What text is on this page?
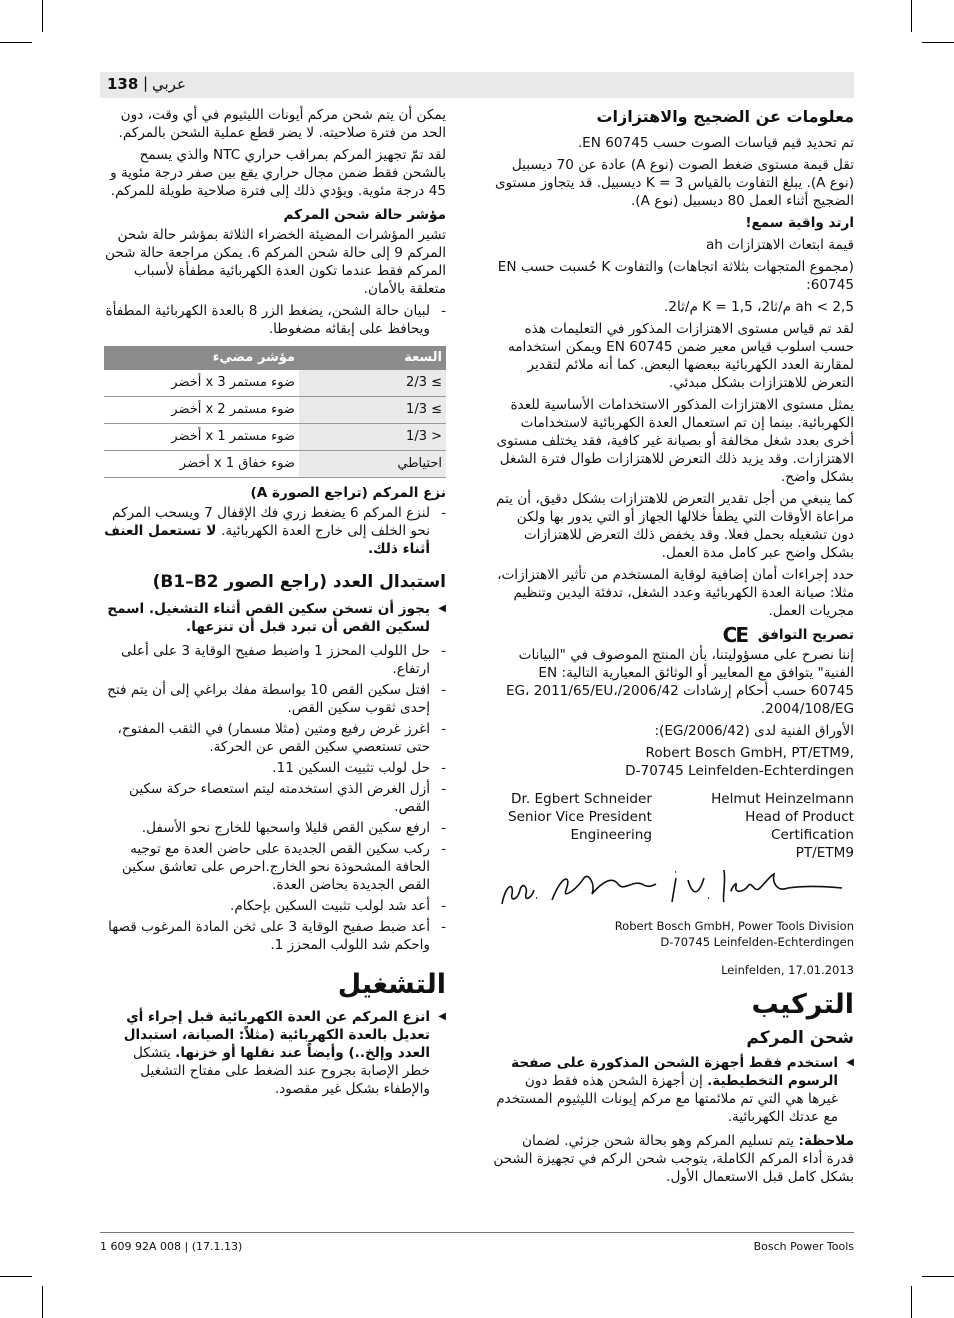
138 | عربي
معلومات عن الضجيج والاهتزازات

تم تحديد قيم قياسات الصوت حسب EN 60745.

تقل قيمة مستوى ضغط الصوت (نوع A) عادة عن 70 ديسبيل (نوع A). يبلغ التفاوت بالقياس K = 3 ديسبيل. قد يتجاوز مستوى الضجيج أثناء العمل 80 ديسبيل (نوع A).

ارتد واقية سمع!

قيمة ابتعاث الاهتزازات ah

(مجموع المتجهات بثلاثة اتجاهات) والتفاوت K حُسبت حسب EN 60745:

ah < 2,5 م/ثا2، K = 1,5 م/ثا2.

لقد تم قياس مستوى الاهتزازات المذكور في التعليمات هذه حسب اسلوب قياس معير ضمن EN 60745 ويمكن استخدامه لمقارنة العدد الكهربائية ببعضها البعض. كما أنه ملائم لتقدير التعرض للاهتزازات بشكل مبدئي.

يمثل مستوى الاهتزازات المذكور الاستخدامات الأساسية للعدة الكهربائية. بينما إن تم استعمال العدة الكهربائية لاستخدامات أخرى بعدد شغل مخالفة أو بصيانة غير كافية، فقد يختلف مستوى الاهتزازات. وقد يزيد ذلك التعرض للاهتزازات طوال فترة الشغل بشكل واضح.

كما ينبغي من أجل تقدير التعرض للاهتزازات بشكل دقيق، أن يتم مراعاة الأوقات التي يطفأ خلالها الجهاز أو التي يدور بها ولكن دون تشغيله بحمل فعلا. وقد يخفض ذلك التعرض للاهتزازات بشكل واضح عبر كامل مدة العمل.

حدد إجراءات أمان إضافية لوقاية المستخدم من تأثير الاهتزازات، مثلا: صيانة العدة الكهربائية وعدد الشغل، تدفئة اليدين وتنظيم مجريات العمل.

تصريح التوافق CE

إننا نصرح على مسؤوليتنا، بأن المنتج الموصوف في "البيانات الفنية" يتوافق مع المعايير أو الوثائق المعيارية التالية: EN 60745 حسب أحكام إرشادات 2006/42/EG، 2011/65/EU، 2004/108/EG.

الأوراق الفنية لدى (2006/42/EG):

Robert Bosch GmbH, PT/ETM9,
D-70745 Leinfelden-Echterdingen
Dr. Egbert Schneider
Senior Vice President
Engineering
Helmut Heinzelmann
Head of Product Certification
PT/ETM9
Robert Bosch GmbH, Power Tools Division
D-70745 Leinfelden-Echterdingen
Leinfelden, 17.01.2013
التركيب
شحن المركم
◀ استخدم فقط أجهزة الشحن المذكورة على صفحة الرسوم التخطيطية. إن أجهزة الشحن هذه فقط دون غيرها هي التي تم ملائمتها مع مركم إيونات الليثيوم المستخدم مع عدتك الكهربائية.

ملاحظة: يتم تسليم المركم وهو بحالة شحن جزئي. لضمان قدرة أداء المركم الكاملة، يتوجب شحن الركم في تجهيزة الشحن بشكل كامل قبل الاستعمال الأول.

يمكن أن يتم شحن مركم أيونات الليثيوم في أي وقت، دون الحد من فترة صلاحيته. لا يضر قطع عملية الشحن بالمركم.

لقد تمّ تجهيز المركم بمراقب حراري NTC والذي يسمح بالشحن فقط ضمن مجال حراري يقع بين صفر درجة مئوية و 45 درجة مئوية. ويؤدي ذلك إلى فترة صلاحية طويلة للمركم.

مؤشر حالة شحن المركم

تشير المؤشرات المضيئة الخضراء الثلاثة بمؤشر حالة شحن المركم 9 إلى حالة شحن المركم 6. يمكن مراجعة حالة شحن المركم فقط عندما تكون العدة الكهربائية مطفأة لأسباب متعلقة بالأمان.

- لبيان حالة الشحن، يضغط الزر 8 بالعدة الكهربائية المطفأة ويحافظ على إبقائه مضغوطا.
السعة	مؤشر مضيء
≥ 2/3	ضوء مستمر 3 x أخضر
≥ 1/3	ضوء مستمر 2 x أخضر
< 1/3	ضوء مستمر 1 x أخضر
احتياطي	ضوء خفاق 1 x أخضر
نزع المركم (تراجع الصورة A)
- لنزع المركم 6 يضغط زري فك الإقفال 7 ويسحب المركم نحو الخلف إلى خارج العدة الكهربائية. لا تستعمل العنف أثناء ذلك.
استبدال العدد (راجع الصور B1–B2)
◀ يجوز أن تسخن سكين القص أثناء التشغيل. اسمح لسكين القص أن تبرد قبل أن تنزعها.
- حل اللولب المحزز 1 واضبط صفيح الوقاية 3 على أعلى ارتفاع.
- افتل سكين القص 10 بواسطة مفك براغي إلى أن يتم فتح إحدى ثقوب سكين القص.
- اغرز غرض رفيع ومتين (مثلا مسمار) في الثقب المفتوح، حتى تستعصي سكين القص عن الحركة.
- حل لولب تثبيت السكين 11.
- أزل الغرض الذي استخدمته ليتم استعصاء حركة سكين القص.
- ارفع سكين القص قليلا واسحبها للخارج نحو الأسفل.
- ركب سكين القص الجديدة على حاضن العدة مع توجيه الحافة المشحوذة نحو الخارج.احرص على تعاشق سكين القص الجديدة بحاضن العدة.
- أعد شد لولب تثبيت السكين بإحكام.
- أعد ضبط صفيح الوقاية 3 على ثخن المادة المرغوب قصها واحكم شد اللولب المحزز 1.
التشغيل
◀ انزع المركم عن العدة الكهربائية قبل إجراء أي تعديل بالعدة الكهربائية (مثلاً: الصيانة، استبدال العدد وإلخ..) وأيضاً عند نقلها أو خزنها. يتشكل خطر الإصابة بجروح عند الضغط على مفتاح التشغيل والإطفاء بشكل غير مقصود.
1 609 92A 008 | (17.1.13)	Bosch Power Tools
